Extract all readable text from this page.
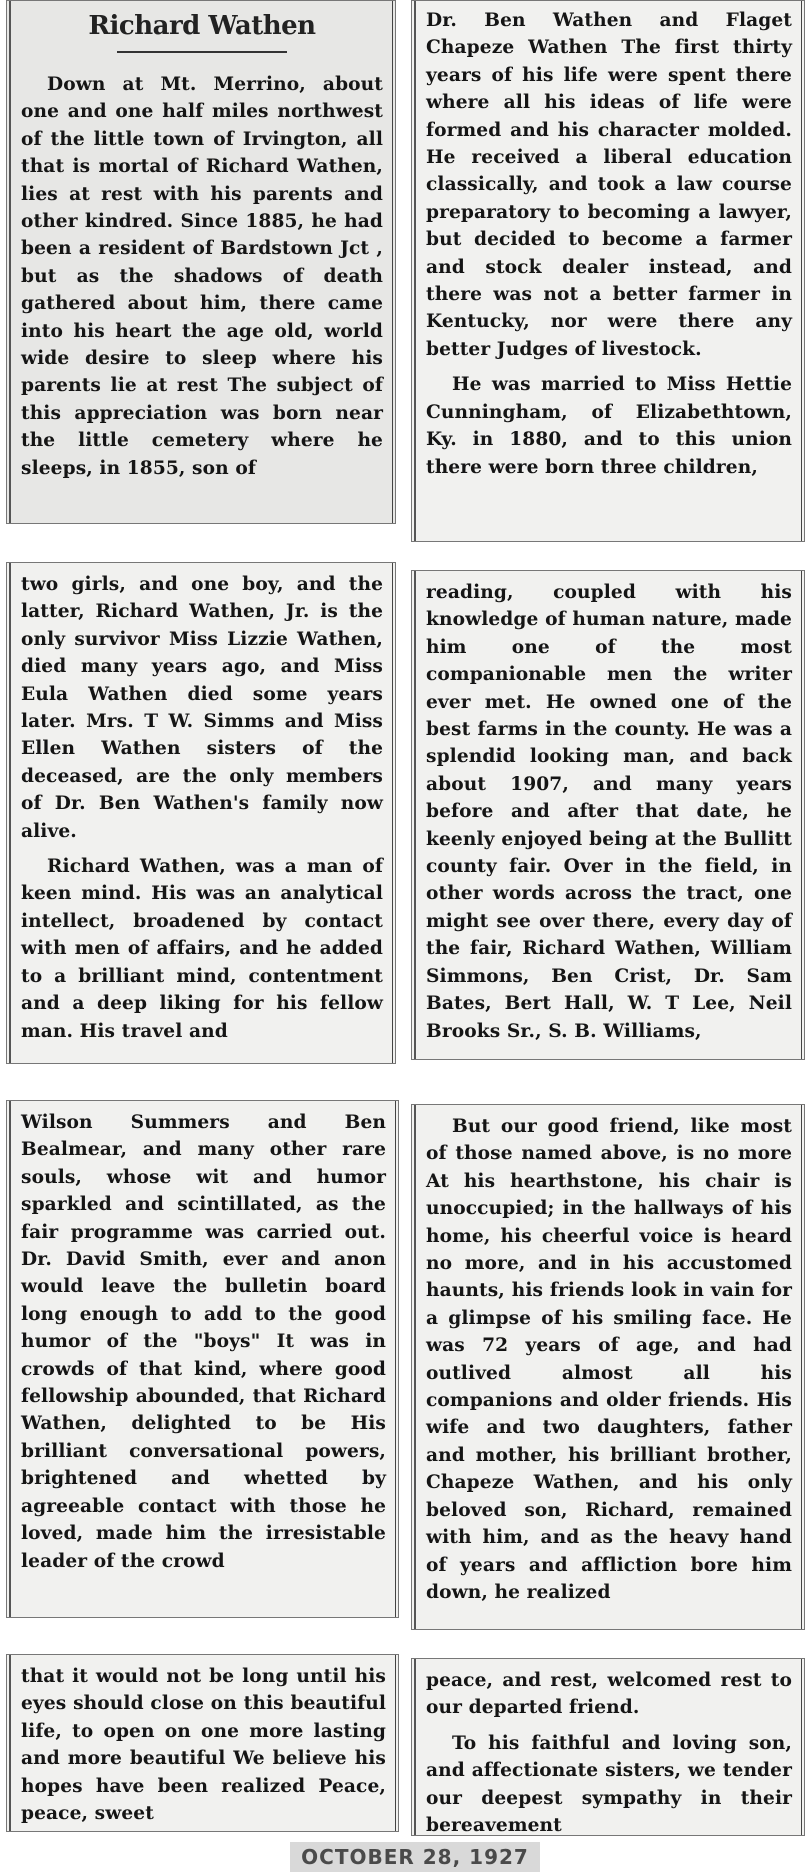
Richard Wathen

Down at Mt. Merrino, about one and one half miles northwest of the little town of Irvington, all that is mortal of Richard Wathen, lies at rest with his parents and other kindred. Since 1885, he had been a resident of Bardstown Jct , but as the shadows of death gathered about him, there came into his heart the age old, world wide desire to sleep where his parents lie at rest The subject of this appreciation was born near the little cemetery where he sleeps, in 1855, son of

Dr. Ben Wathen and Flaget Chapeze Wathen The first thirty years of his life were spent there where all his ideas of life were formed and his character molded. He received a liberal education classically, and took a law course preparatory to becoming a lawyer, but decided to become a farmer and stock dealer instead, and there was not a better farmer in Kentucky, nor were there any better Judges of livestock.

He was married to Miss Hettie Cunningham, of Elizabethtown, Ky. in 1880, and to this union there were born three children,

two girls, and one boy, and the latter, Richard Wathen, Jr. is the only survivor Miss Lizzie Wathen, died many years ago, and Miss Eula Wathen died some years later. Mrs. T W. Simms and Miss Ellen Wathen sisters of the deceased, are the only members of Dr. Ben Wathen's family now alive.

Richard Wathen, was a man of keen mind. His was an analytical intellect, broadened by contact with men of affairs, and he added to a brilliant mind, contentment and a deep liking for his fellow man. His travel and

reading, coupled with his knowledge of human nature, made him one of the most companionable men the writer ever met. He owned one of the best farms in the county. He was a splendid looking man, and back about 1907, and many years before and after that date, he keenly enjoyed being at the Bullitt county fair. Over in the field, in other words across the tract, one might see over there, every day of the fair, Richard Wathen, William Simmons, Ben Crist, Dr. Sam Bates, Bert Hall, W. T Lee, Neil Brooks Sr., S. B. Williams,

Wilson Summers and Ben Bealmear, and many other rare souls, whose wit and humor sparkled and scintillated, as the fair programme was carried out. Dr. David Smith, ever and anon would leave the bulletin board long enough to add to the good humor of the "boys" It was in crowds of that kind, where good fellowship abounded, that Richard Wathen, delighted to be His brilliant conversational powers, brightened and whetted by agreeable contact with those he loved, made him the irresistable leader of the crowd

But our good friend, like most of those named above, is no more At his hearthstone, his chair is unoccupied; in the hallways of his home, his cheerful voice is heard no more, and in his accustomed haunts, his friends look in vain for a glimpse of his smiling face. He was 72 years of age, and had outlived almost all his companions and older friends. His wife and two daughters, father and mother, his brilliant brother, Chapeze Wathen, and his only beloved son, Richard, remained with him, and as the heavy hand of years and affliction bore him down, he realized

that it would not be long until his eyes should close on this beautiful life, to open on one more lasting and more beautiful We believe his hopes have been realized Peace, peace, sweet

peace, and rest, welcomed rest to our departed friend.

To his faithful and loving son, and affectionate sisters, we tender our deepest sympathy in their bereavement

OCTOBER 28, 1927
